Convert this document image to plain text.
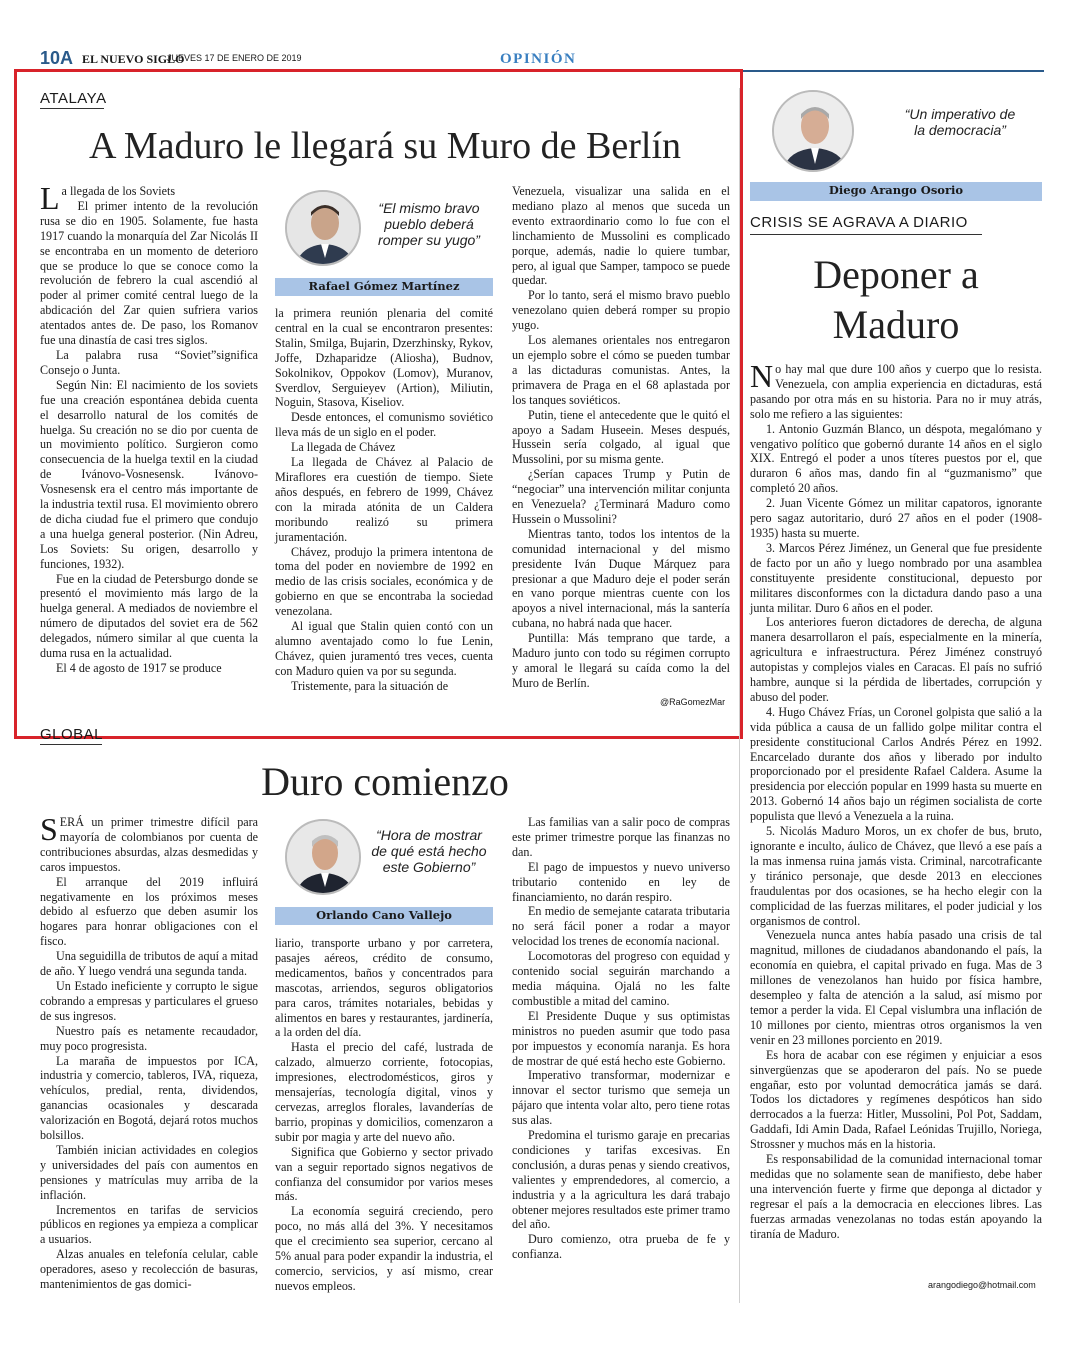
10A EL NUEVO SIGLO
JUEVES 17 DE ENERO DE 2019	OPINIÓN
ATALAYA
A Maduro le llegará su Muro de Berlín
L a llegada de los Soviets

El primer intento de la revolución rusa se dio en 1905. Solamente, fue hasta 1917 cuando la monarquía del Zar Nicolás II se encontraba en un momento de deterioro que se produce lo que se conoce como la revolución de febrero la cual ascendió al poder al primer comité central luego de la abdicación del Zar quien sufriera varios atentados antes de. De paso, los Romanov fue una dinastía de casi tres siglos.

La palabra rusa “Soviet”significa Consejo o Junta.

Según Nin: El nacimiento de los soviets fue una creación espontánea debida cuenta el desarrollo natural de los comités de huelga. Su creación no se dio por cuenta de un movimiento político. Surgieron como consecuencia de la huelga textil en la ciudad de Ivánovo-Vosnesensk. Ivánovo-Vosnesensk era el centro más importante de la industria textil rusa. El movimiento obrero de dicha ciudad fue el primero que condujo a una huelga general posterior. (Nin Adreu, Los Soviets: Su origen, desarrollo y funciones, 1932).

Fue en la ciudad de Petersburgo donde se presentó el movimiento más largo de la huelga general. A mediados de noviembre el número de diputados del soviet era de 562 delegados, número similar al que cuenta la duma rusa en la actualidad.

El 4 de agosto de 1917 se produce

“El mismo bravo pueblo deberá romper su yugo”
Rafael Gómez Martínez

la primera reunión plenaria del comité central en la cual se encontraron presentes: Stalin, Smilga, Bujarin, Dzerzhinsky, Rykov, Joffe, Dzhaparidze (Aliosha), Budnov, Sokolnikov, Oppokov (Lomov), Muranov, Sverdlov, Serguieyev (Artion), Miliutin, Noguin, Stasova, Kiseliov.

Desde entonces, el comunismo soviético lleva más de un siglo en el poder.

La llegada de Chávez

La llegada de Chávez al Palacio de Miraflores era cuestión de tiempo. Siete años después, en febrero de 1999, Chávez con la mirada atónita de un Caldera moribundo realizó su primera juramentación.

Chávez, produjo la primera intentona de toma del poder en noviembre de 1992 en medio de las crisis sociales, económica y de gobierno en que se encontraba la sociedad venezolana.

Al igual que Stalin quien contó con un alumno aventajado como lo fue Lenin, Chávez, quien juramentó tres veces, cuenta con Maduro quien va por su segunda.

Tristemente, para la situación de

Venezuela, visualizar una salida en el mediano plazo al menos que suceda un evento extraordinario como lo fue con el linchamiento de Mussolini es complicado porque, además, nadie lo quiere tumbar, pero, al igual que Samper, tampoco se puede quedar.

Por lo tanto, será el mismo bravo pueblo venezolano quien deberá romper su propio yugo.

Los alemanes orientales nos entregaron un ejemplo sobre el cómo se pueden tumbar a las dictaduras comunistas. Antes, la primavera de Praga en el 68 aplastada por los tanques soviéticos.

Putin, tiene el antecedente que le quitó el apoyo a Sadam Huseein. Meses después, Hussein sería colgado, al igual que Mussolini, por su misma gente.

¿Serían capaces Trump y Putin de “negociar” una intervención militar conjunta en Venezuela? ¿Terminará Maduro como Hussein o Mussolini?

Mientras tanto, todos los intentos de la comunidad internacional y del mismo presidente Iván Duque Márquez para presionar a que Maduro deje el poder serán en vano porque mientras cuente con los apoyos a nivel internacional, más la santería cubana, no habrá nada que hacer.

Puntilla: Más temprano que tarde, a Maduro junto con todo su régimen corrupto y amoral le llegará su caída como la del Muro de Berlín.

@RaGomezMar
“Un imperativo de la democracia”
Diego Arango Osorio
CRISIS SE AGRAVA A DIARIO
Deponer a
Maduro
N o hay mal que dure 100 años y cuerpo que lo resista. Venezuela, con amplia experiencia en dictaduras, está pasando por otra más en su historia. Para no ir muy atrás, solo me refiero a las siguientes:

1. Antonio Guzmán Blanco, un déspota, megalómano y vengativo político que gobernó durante 14 años en el siglo XIX. Entregó el poder a unos títeres puestos por el, que duraron 6 años mas, dando fin al “guzmanismo” que completó 20 años.

2. Juan Vicente Gómez un militar capatoros, ignorante pero sagaz autoritario, duró 27 años en el poder (1908-1935) hasta su muerte.

3. Marcos Pérez Jiménez, un General que fue presidente de facto por un año y luego nombrado por una asamblea constituyente presidente constitucional, depuesto por militares disconformes con la dictadura dando paso a una junta militar. Duro 6 años en el poder.

Los anteriores fueron dictadores de derecha, de alguna manera desarrollaron el país, especialmente en la minería, agricultura e infraestructura. Pérez Jiménez construyó autopistas y complejos viales en Caracas. El país no sufrió hambre, aunque si la pérdida de libertades, corrupción y abuso del poder.

4. Hugo Chávez Frías, un Coronel golpista que salió a la vida pública a causa de un fallido golpe militar contra el presidente constitucional Carlos Andrés Pérez en 1992. Encarcelado durante dos años y liberado por indulto proporcionado por el presidente Rafael Caldera. Asume la presidencia por elección popular en 1999 hasta su muerte en 2013. Gobernó 14 años bajo un régimen socialista de corte populista que llevó a Venezuela a la ruina.

5. Nicolás Maduro Moros, un ex chofer de bus, bruto, ignorante e inculto, áulico de Chávez, que llevó a ese país a la mas inmensa ruina jamás vista. Criminal, narcotraficante y tiránico personaje, que desde 2013 en elecciones fraudulentas por dos ocasiones, se ha hecho elegir con la complicidad de las fuerzas militares, el poder judicial y los organismos de control.

Venezuela nunca antes había pasado una crisis de tal magnitud, millones de ciudadanos abandonando el país, la economía en quiebra, el capital privado en fuga. Mas de 3 millones de venezolanos han huido por física hambre, desempleo y falta de atención a la salud, así mismo por temor a perder la vida. El Cepal vislumbra una inflación de 10 millones por ciento, mientras otros organismos la ven venir en 23 millones porciento en 2019.

Es hora de acabar con ese régimen y enjuiciar a esos sinvergüenzas que se apoderaron del país. No se puede engañar, esto por voluntad democrática jamás se dará. Todos los dictadores y regímenes despóticos han sido derrocados a la fuerza: Hitler, Mussolini, Pol Pot, Saddam, Gaddafi, Idi Amin Dada, Rafael Leónidas Trujillo, Noriega, Strossner y muchos más en la historia.

Es responsabilidad de la comunidad internacional tomar medidas que no solamente sean de manifiesto, debe haber una intervención fuerte y firme que deponga al dictador y regresar el país a la democracia en elecciones libres. Las fuerzas armadas venezolanas no todas están apoyando la tiranía de Maduro.

arangodiego@hotmail.com
GLOBAL
Duro comienzo
S ERÁ un primer trimestre difícil para mayoría de colombianos por cuenta de contribuciones absurdas, alzas desmedidas y caros impuestos.

El arranque del 2019 influirá negativamente en los próximos meses debido al esfuerzo que deben asumir los hogares para honrar obligaciones con el fisco.

Una seguidilla de tributos de aquí a mitad de año. Y luego vendrá una segunda tanda.

Un Estado ineficiente y corrupto le sigue cobrando a empresas y particulares el grueso de sus ingresos.

Nuestro país es netamente recaudador, muy poco progresista.

La maraña de impuestos por ICA, industria y comercio, tableros, IVA, riqueza, vehículos, predial, renta, dividendos, ganancias ocasionales y descarada valorización en Bogotá, dejará rotos muchos bolsillos.

También inician actividades en colegios y universidades del país con aumentos en pensiones y matrículas muy arriba de la inflación.

Incrementos en tarifas de servicios públicos en regiones ya empieza a complicar a usuarios.

Alzas anuales en telefonía celular, cable operadores, aseso y recolección de basuras, mantenimientos de gas domici-

“Hora de mostrar de qué está hecho este Gobierno”
Orlando Cano Vallejo

liario, transporte urbano y por carretera, pasajes aéreos, crédito de consumo, medicamentos, baños y concentrados para mascotas, arriendos, seguros obligatorios para caros, trámites notariales, bebidas y alimentos en bares y restaurantes, jardinería, a la orden del día.

Hasta el precio del café, lustrada de calzado, almuerzo corriente, fotocopias, impresiones, electrodomésticos, giros y mensajerías, tecnología digital, vinos y cervezas, arreglos florales, lavanderías de barrio, propinas y domicilios, comenzaron a subir por magia y arte del nuevo año.

Significa que Gobierno y sector privado van a seguir reportado signos negativos de confianza del consumidor por varios meses más.

La economía seguirá creciendo, pero poco, no más allá del 3%. Y necesitamos que el crecimiento sea superior, cercano al 5% anual para poder expandir la industria, el comercio, servicios, y así mismo, crear nuevos empleos.

Las familias van a salir poco de compras este primer trimestre porque las finanzas no dan.

El pago de impuestos y nuevo universo tributario contenido en ley de financiamiento, no darán respiro.

En medio de semejante catarata tributaria no será fácil poner a rodar a mayor velocidad los trenes de economía nacional.

Locomotoras del progreso con equidad y contenido social seguirán marchando a media máquina. Ojalá no les falte combustible a mitad del camino.

El Presidente Duque y sus optimistas ministros no pueden asumir que todo pasa por impuestos y economía naranja. Es hora de mostrar de qué está hecho este Gobierno.

Imperativo transformar, modernizar e innovar el sector turismo que semeja un pájaro que intenta volar alto, pero tiene rotas sus alas.

Predomina el turismo garaje en precarias condiciones y tarifas excesivas. En conclusión, a duras penas y siendo creativos, valientes y emprendedores, al comercio, a industria y a la agricultura les dará trabajo obtener mejores resultados este primer tramo del año.

Duro comienzo, otra prueba de fe y confianza.
